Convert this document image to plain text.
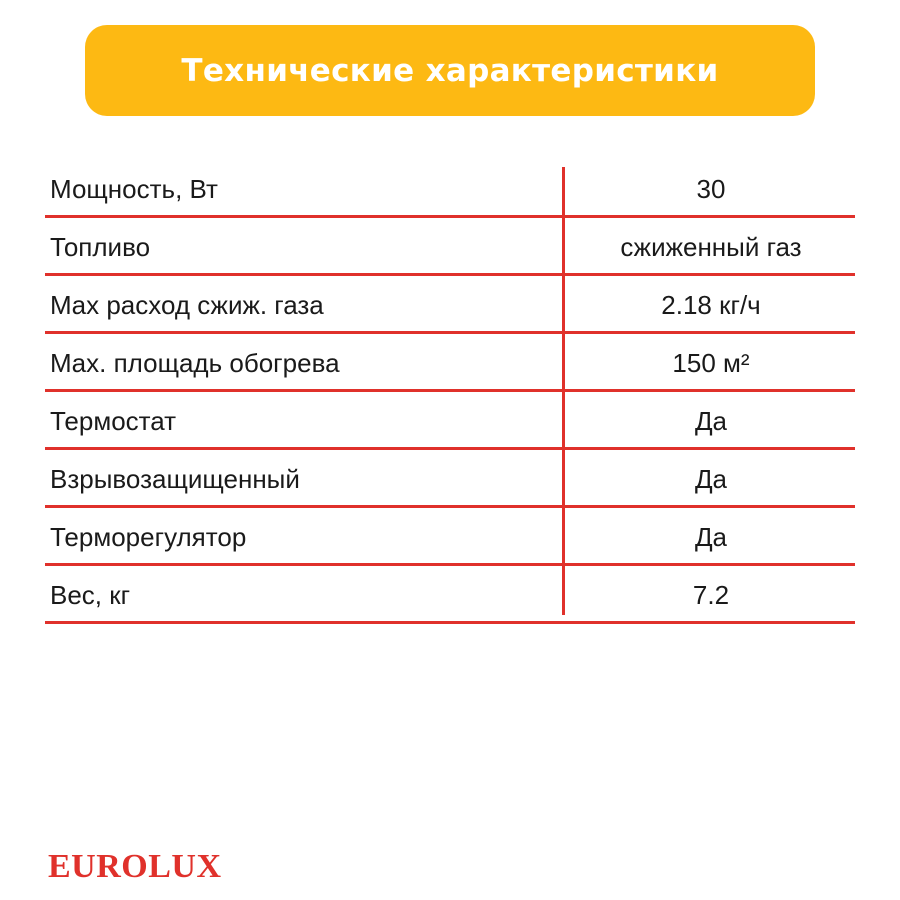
Технические характеристики
Мощность, Вт	30
Топливо	сжиженный газ
Max расход сжиж. газа	2.18 кг/ч
Max. площадь обогрева	150 м²
Термостат	Да
Взрывозащищенный	Да
Терморегулятор	Да
Вес, кг	7.2
EUROLUX
